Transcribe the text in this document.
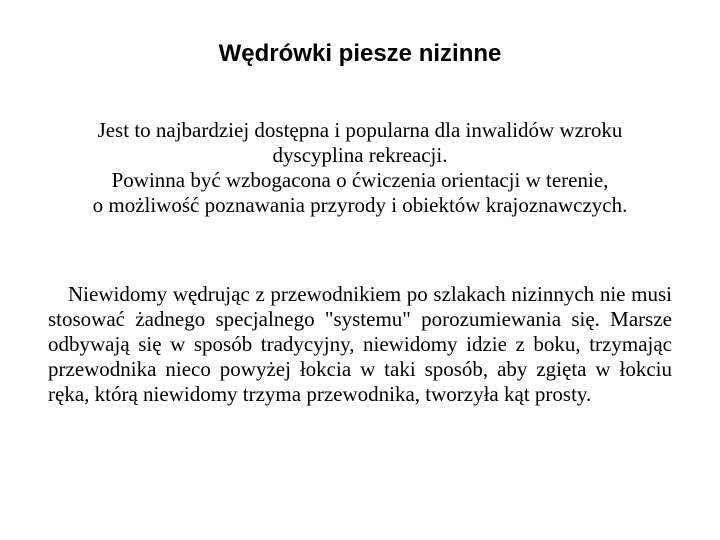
Wędrówki piesze nizinne

Jest to najbardziej dostępna i popularna dla inwalidów wzroku
dyscyplina rekreacji.
Powinna być wzbogacona o ćwiczenia orientacji w terenie,
o możliwość poznawania przyrody i obiektów krajoznawczych.

Niewidomy wędrując z przewodnikiem po szlakach nizinnych nie musi stosować żadnego specjalnego "systemu" porozumiewania się. Marsze odbywają się w sposób tradycyjny, niewidomy idzie z boku, trzymając przewodnika nieco powyżej łokcia w taki sposób, aby zgięta w łokciu ręka, którą niewidomy trzyma przewodnika, tworzyła kąt prosty.
